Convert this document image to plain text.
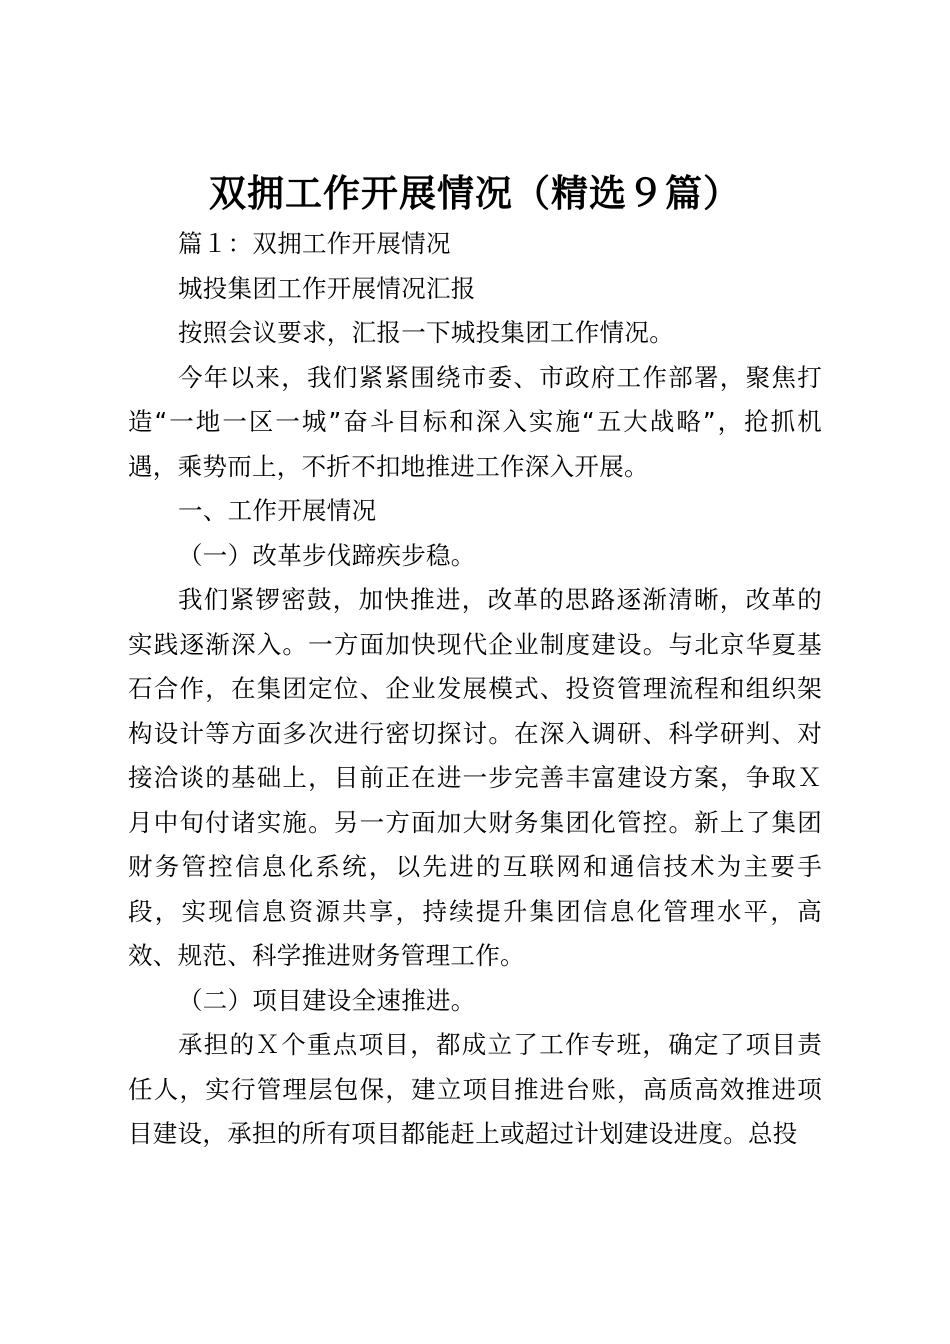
双拥工作开展情况（精选９篇）

篇１：双拥工作开展情况

城投集团工作开展情况汇报

按照会议要求，汇报一下城投集团工作情况。

今年以来，我们紧紧围绕市委、市政府工作部署，聚焦打造“一地一区一城”奋斗目标和深入实施“五大战略”，抢抓机遇，乘势而上，不折不扣地推进工作深入开展。

一、工作开展情况

（一）改革步伐蹄疾步稳。

我们紧锣密鼓，加快推进，改革的思路逐渐清晰，改革的实践逐渐深入。一方面加快现代企业制度建设。与北京华夏基石合作，在集团定位、企业发展模式、投资管理流程和组织架构设计等方面多次进行密切探讨。在深入调研、科学研判、对接洽谈的基础上，目前正在进一步完善丰富建设方案，争取Ｘ月中旬付诸实施。另一方面加大财务集团化管控。新上了集团财务管控信息化系统，以先进的互联网和通信技术为主要手段，实现信息资源共享，持续提升集团信息化管理水平，高效、规范、科学推进财务管理工作。

（二）项目建设全速推进。

承担的Ｘ个重点项目，都成立了工作专班，确定了项目责任人，实行管理层包保，建立项目推进台账，高质高效推进项目建设，承担的所有项目都能赶上或超过计划建设进度。总投
